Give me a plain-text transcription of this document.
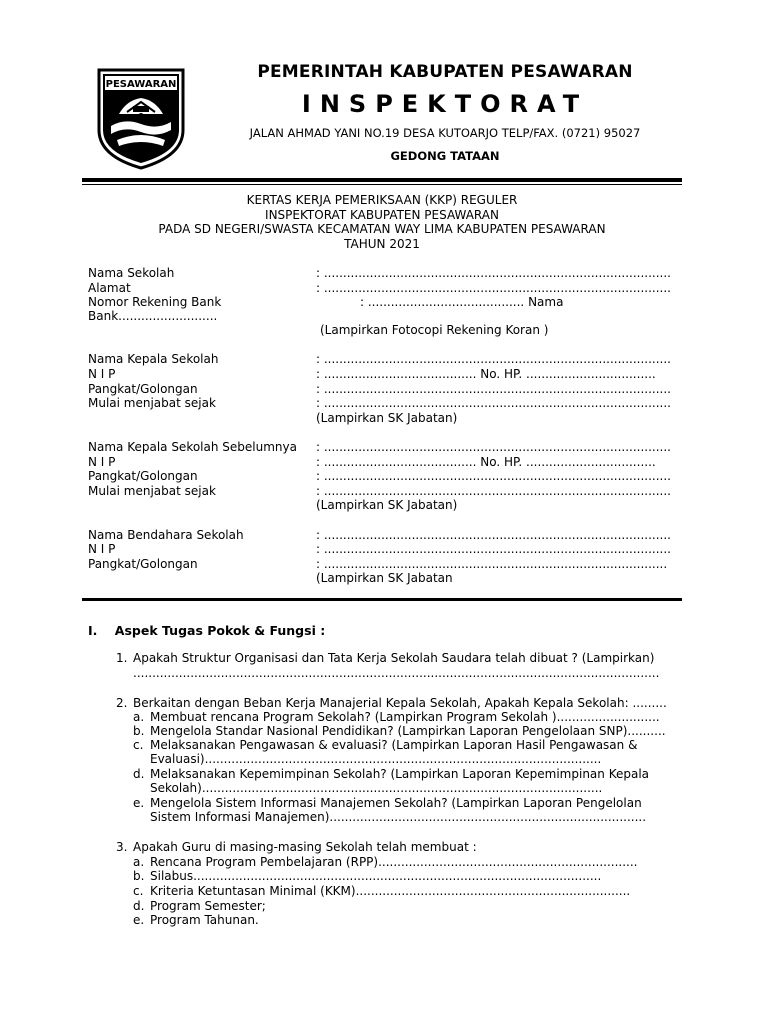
PESAWARAN
PEMERINTAH KABUPATEN PESAWARAN
INSPEKTORAT
JALAN AHMAD YANI NO.19 DESA KUTOARJO TELP/FAX. (0721) 95027
GEDONG TATAAN
KERTAS KERJA PEMERIKSAAN (KKP) REGULER
INSPEKTORAT KABUPATEN PESAWARAN
PADA SD NEGERI/SWASTA KECAMATAN WAY LIMA KABUPATEN PESAWARAN
TAHUN 2021
Nama Sekolah	: ...........................................................................................
Alamat	: ...........................................................................................
Nomor Rekening Bank	: ......................................... Nama
Bank..........................
(Lampirkan Fotocopi Rekening Koran )
Nama Kepala Sekolah	: ...........................................................................................
N I P	: ........................................ No. HP. ..................................
Pangkat/Golongan	: ...........................................................................................
Mulai menjabat sejak	: ...........................................................................................
(Lampirkan SK Jabatan)
Nama Kepala Sekolah Sebelumnya : ...........................................................................................
N I P	: ........................................ No. HP. ..................................
Pangkat/Golongan	: ...........................................................................................
Mulai menjabat sejak	: ...........................................................................................
(Lampirkan SK Jabatan)
Nama Bendahara Sekolah	: ...........................................................................................
N I P	: ...........................................................................................
Pangkat/Golongan	: ..........................................................................................
(Lampirkan SK Jabatan
I.    Aspek Tugas Pokok & Fungsi :
1. Apakah Struktur Organisasi dan Tata Kerja Sekolah Saudara telah dibuat ? (Lampirkan)
..........................................................................................................................................
2. Berkaitan dengan Beban Kerja Manajerial Kepala Sekolah, Apakah Kepala Sekolah: .........
a. Membuat rencana Program Sekolah? (Lampirkan Program Sekolah )...........................
b. Mengelola Standar Nasional Pendidikan? (Lampirkan Laporan Pengelolaan SNP)..........
c. Melaksanakan Pengawasan & evaluasi? (Lampirkan Laporan Hasil Pengawasan &
Evaluasi)........................................................................................................
d. Melaksanakan Kepemimpinan Sekolah? (Lampirkan Laporan Kepemimpinan Kepala
Sekolah).........................................................................................................
e. Mengelola Sistem Informasi Manajemen Sekolah? (Lampirkan Laporan Pengelolan
Sistem Informasi Manajemen)...................................................................................
3. Apakah Guru di masing-masing Sekolah telah membuat :
a. Rencana Program Pembelajaran (RPP)....................................................................
b. Silabus...........................................................................................................
c. Kriteria Ketuntasan Minimal (KKM)........................................................................
d. Program Semester;
e. Program Tahunan.
